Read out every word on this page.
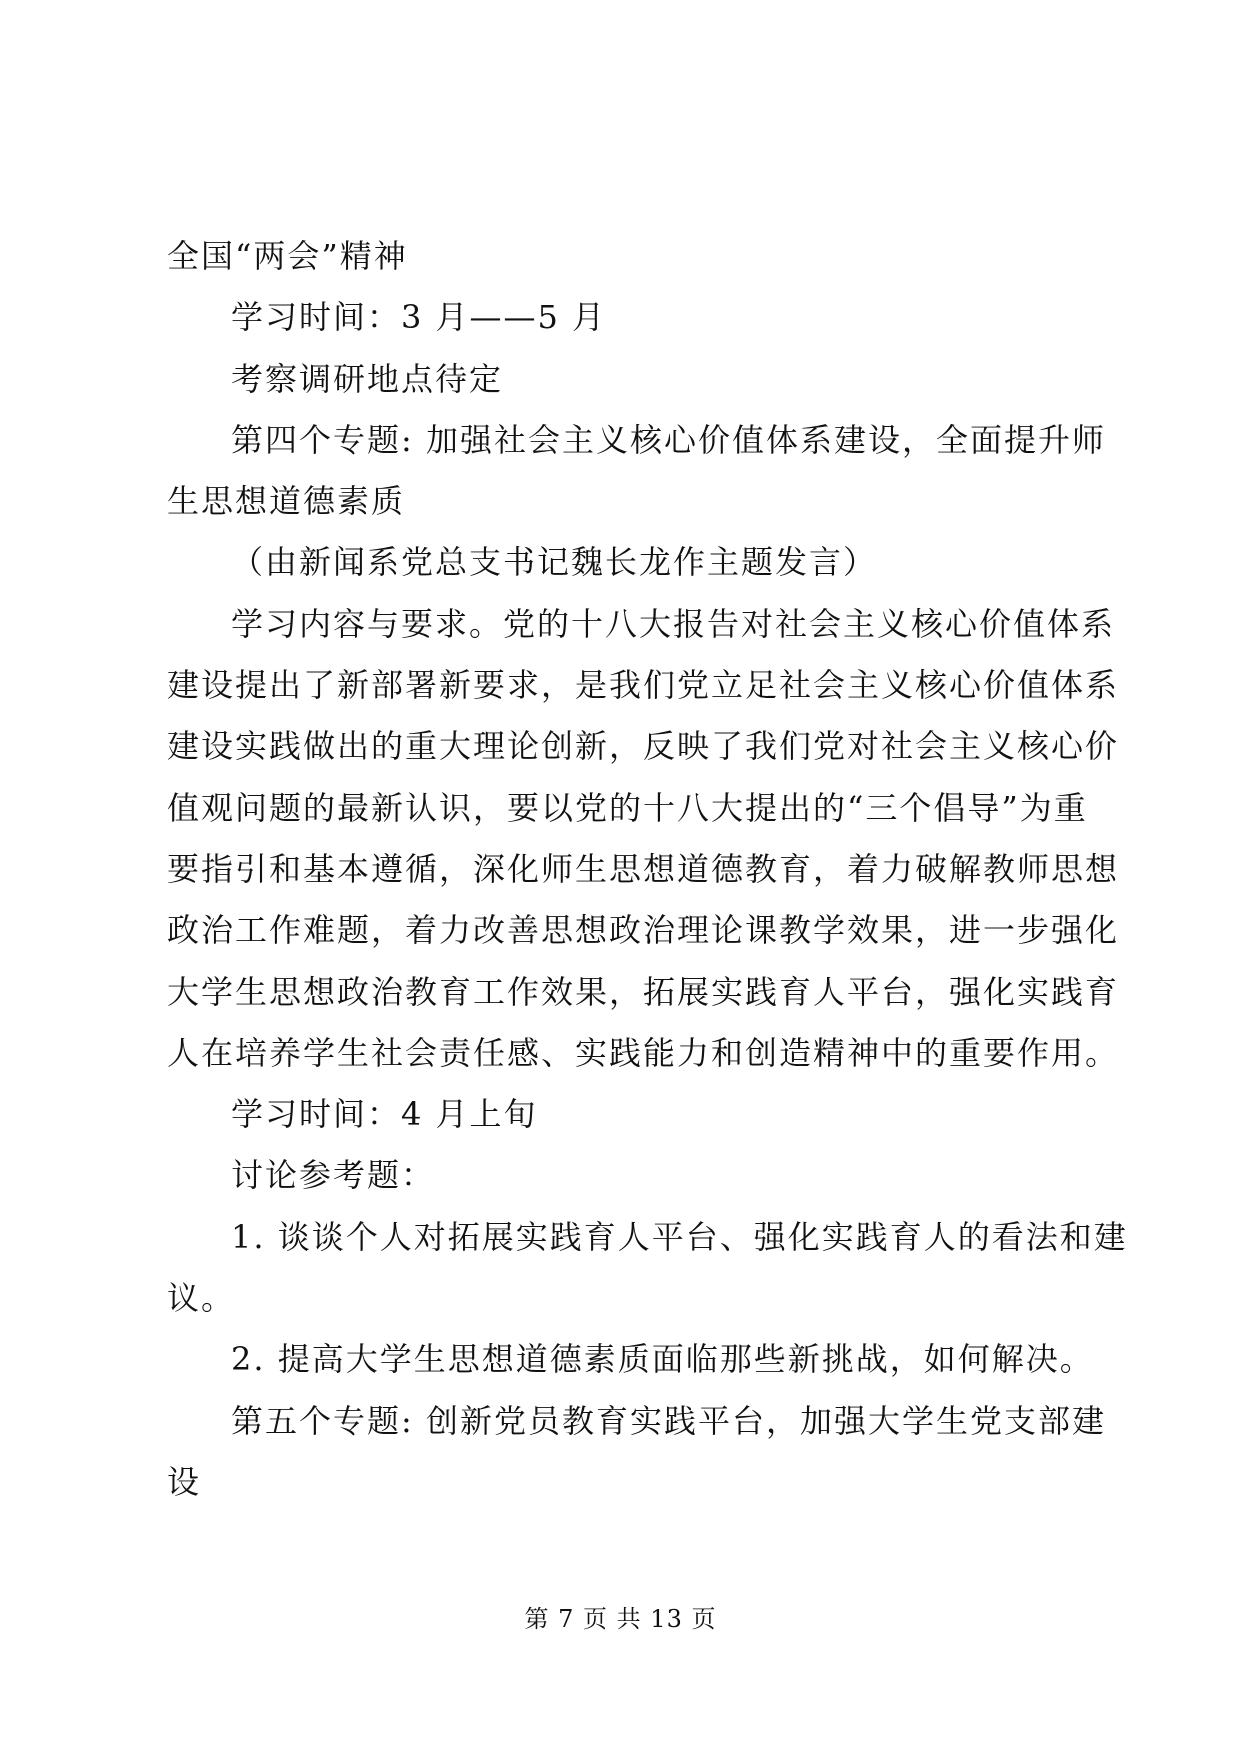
全国“两会”精神
学习时间：3 月——5 月
考察调研地点待定
第四个专题: 加强社会主义核心价值体系建设，全面提升师
生思想道德素质
（由新闻系党总支书记魏长龙作主题发言）
学习内容与要求。党的十八大报告对社会主义核心价值体系
建设提出了新部署新要求，是我们党立足社会主义核心价值体系
建设实践做出的重大理论创新，反映了我们党对社会主义核心价
值观问题的最新认识，要以党的十八大提出的“三个倡导”为重
要指引和基本遵循，深化师生思想道德教育，着力破解教师思想
政治工作难题，着力改善思想政治理论课教学效果，进一步强化
大学生思想政治教育工作效果，拓展实践育人平台，强化实践育
人在培养学生社会责任感、实践能力和创造精神中的重要作用。
学习时间：4 月上旬
讨论参考题：
1. 谈谈个人对拓展实践育人平台、强化实践育人的看法和建
议。
2. 提高大学生思想道德素质面临那些新挑战，如何解决。
第五个专题: 创新党员教育实践平台，加强大学生党支部建
设
第 7 页 共 13 页
